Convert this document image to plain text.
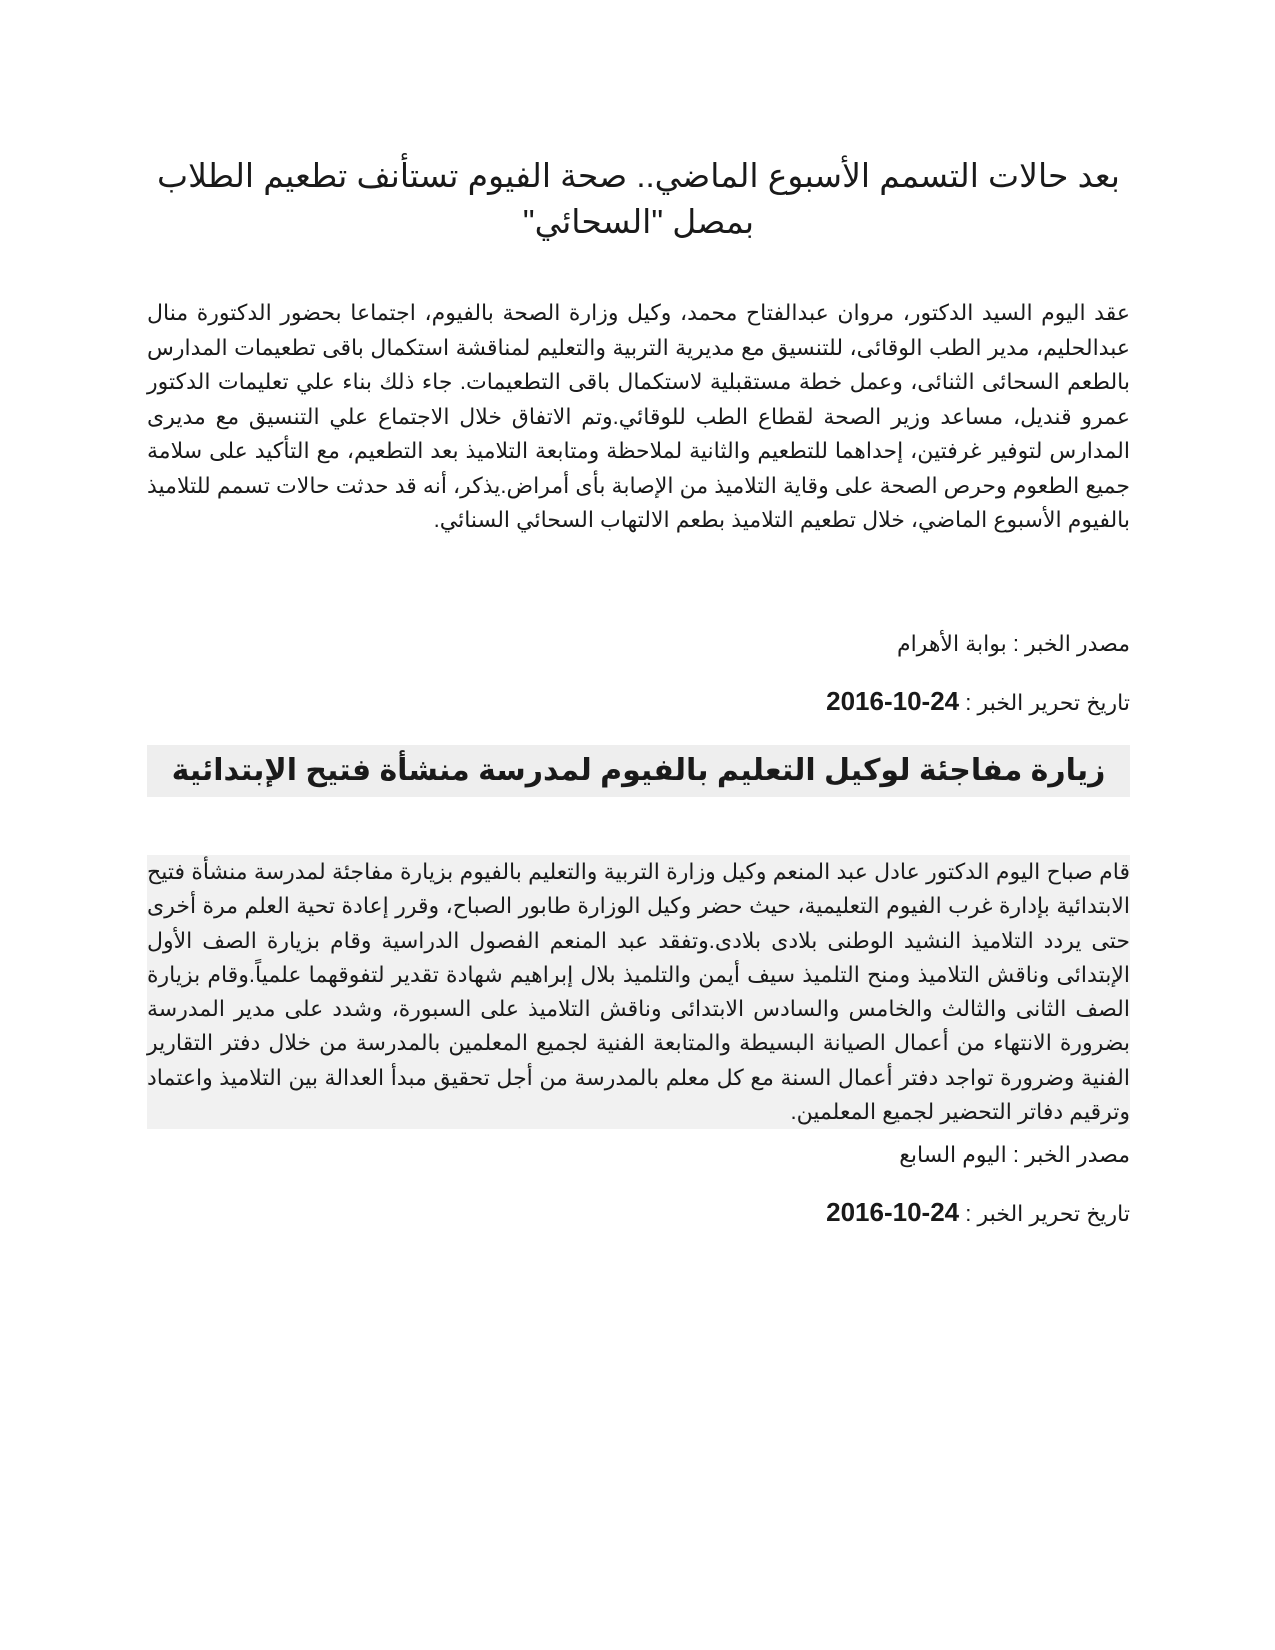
بعد حالات التسمم الأسبوع الماضي.. صحة الفيوم تستأنف تطعيم الطلاب بمصل "السحائي"

عقد اليوم السيد الدكتور، مروان عبدالفتاح محمد، وكيل وزارة الصحة بالفيوم، اجتماعا بحضور الدكتورة منال عبدالحليم، مدير الطب الوقائى، للتنسيق مع مديرية التربية والتعليم لمناقشة استكمال باقى تطعيمات المدارس بالطعم السحائى الثنائى، وعمل خطة مستقبلية لاستكمال باقى التطعيمات. جاء ذلك بناء علي تعليمات الدكتور عمرو قنديل، مساعد وزير الصحة لقطاع الطب للوقائي.وتم الاتفاق خلال الاجتماع علي التنسيق مع مديرى المدارس لتوفير غرفتين، إحداهما للتطعيم والثانية لملاحظة ومتابعة التلاميذ بعد التطعيم، مع التأكيد على سلامة جميع الطعوم وحرص الصحة على وقاية التلاميذ من الإصابة بأى أمراض.يذكر، أنه قد حدثت حالات تسمم للتلاميذ بالفيوم الأسبوع الماضي، خلال تطعيم التلاميذ بطعم الالتهاب السحائي السنائي.

مصدر الخبر : بوابة الأهرام

تاريخ تحرير الخبر : 2016-10-24

زيارة مفاجئة لوكيل التعليم بالفيوم لمدرسة منشأة فتيح الإبتدائية

قام صباح اليوم الدكتور عادل عبد المنعم وكيل وزارة التربية والتعليم بالفيوم بزيارة مفاجئة لمدرسة منشأة فتيح الابتدائية بإدارة غرب الفيوم التعليمية، حيث حضر وكيل الوزارة طابور الصباح، وقرر إعادة تحية العلم مرة أخرى حتى يردد التلاميذ النشيد الوطنى بلادى بلادى.وتفقد عبد المنعم الفصول الدراسية وقام بزيارة الصف الأول الإبتدائى وناقش التلاميذ ومنح التلميذ سيف أيمن والتلميذ بلال إبراهيم شهادة تقدير لتفوقهما علمياً.وقام بزيارة الصف الثانى والثالث والخامس والسادس الابتدائى وناقش التلاميذ على السبورة، وشدد على مدير المدرسة بضرورة الانتهاء من أعمال الصيانة البسيطة والمتابعة الفنية لجميع المعلمين بالمدرسة من خلال دفتر التقارير الفنية وضرورة تواجد دفتر أعمال السنة مع كل معلم بالمدرسة من أجل تحقيق مبدأ العدالة بين التلاميذ واعتماد وترقيم دفاتر التحضير لجميع المعلمين.

مصدر الخبر : اليوم السابع

تاريخ تحرير الخبر : 2016-10-24
